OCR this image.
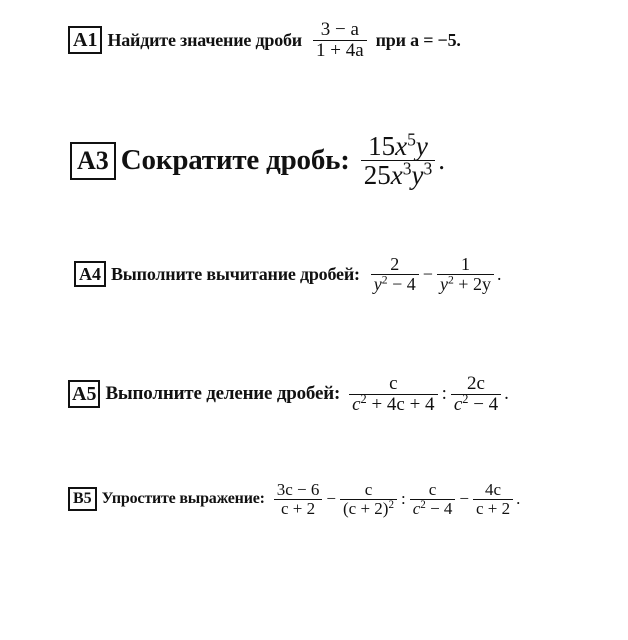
A1 Найдите значение дроби $\frac{3 - a}{1 + 4a}$ при a = −5.
A3 Сократите дробь: $\frac{15x^5y}{25x^3y^3}$ .
A4 Выполните вычитание дробей: $\frac{2}{y^2 - 4} - \frac{1}{y^2 + 2y}$ .
A5 Выполните деление дробей: $\frac{c}{c^2 + 4c + 4}$ : $\frac{2c}{c^2 - 4}$ .
B5 Упростите выражение: $\frac{3c - 6}{c + 2} - \frac{c}{(c + 2)^2}$ : $\frac{c}{c^2 - 4} - \frac{4c}{c + 2}$ .
